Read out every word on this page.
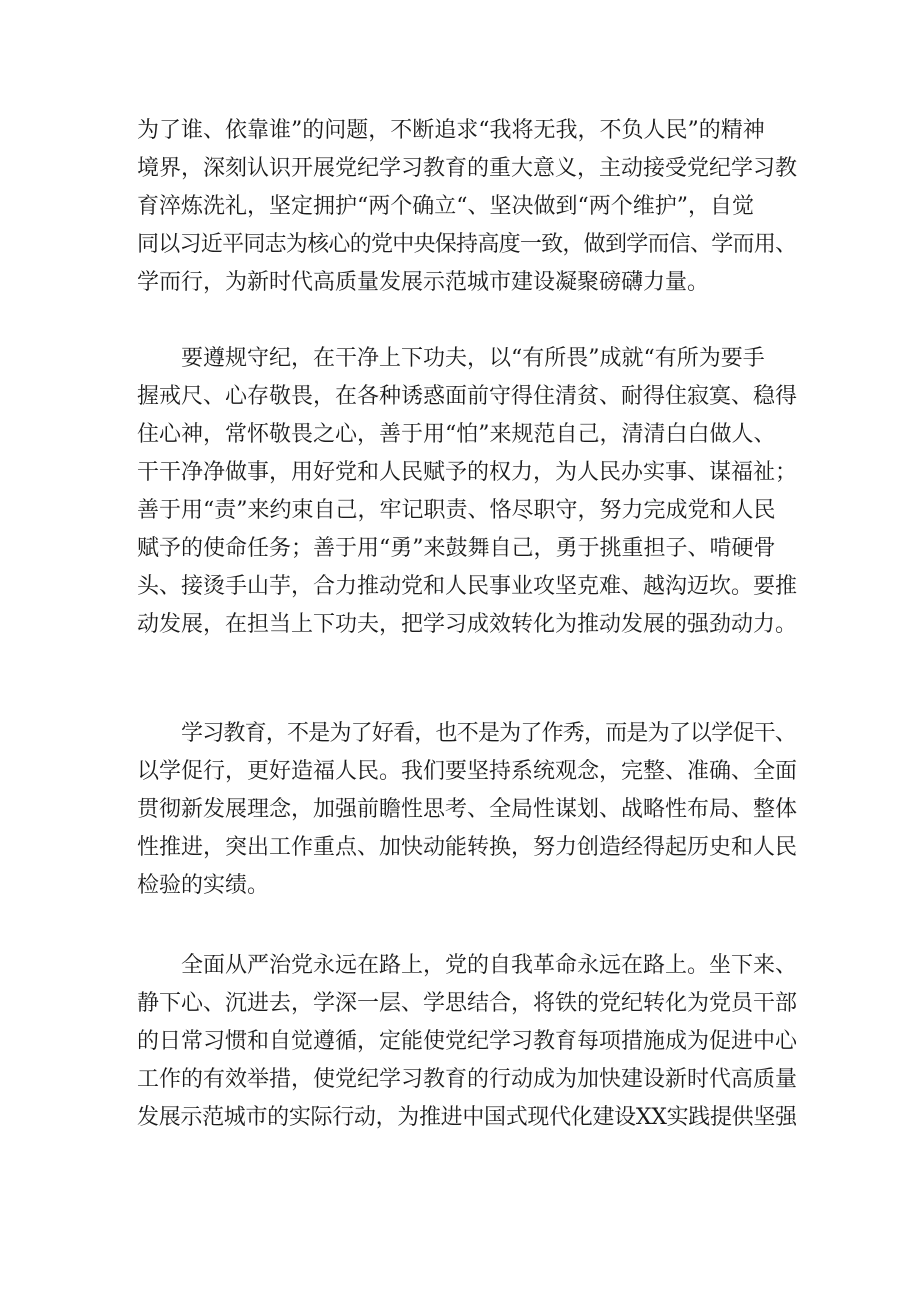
为了谁、依靠谁”的问题，不断追求“我将无我，不负人民”的精神
境界，深刻认识开展党纪学习教育的重大意义，主动接受党纪学习教
育淬炼洗礼，坚定拥护“两个确立“、坚决做到“两个维护”，自觉
同以习近平同志为核心的党中央保持高度一致，做到学而信、学而用、
学而行，为新时代高质量发展示范城市建设凝聚磅礴力量。

要遵规守纪，在干净上下功夫，以“有所畏”成就“有所为要手
握戒尺、心存敬畏，在各种诱惑面前守得住清贫、耐得住寂寞、稳得
住心神，常怀敬畏之心，善于用“怕”来规范自己，清清白白做人、
干干净净做事，用好党和人民赋予的权力，为人民办实事、谋福祉；
善于用“责”来约束自己，牢记职责、恪尽职守，努力完成党和人民
赋予的使命任务；善于用“勇”来鼓舞自己，勇于挑重担子、啃硬骨
头、接烫手山芋，合力推动党和人民事业攻坚克难、越沟迈坎。要推
动发展，在担当上下功夫，把学习成效转化为推动发展的强劲动力。

学习教育，不是为了好看，也不是为了作秀，而是为了以学促干、
以学促行，更好造福人民。我们要坚持系统观念，完整、准确、全面
贯彻新发展理念，加强前瞻性思考、全局性谋划、战略性布局、整体
性推进，突出工作重点、加快动能转换，努力创造经得起历史和人民
检验的实绩。

全面从严治党永远在路上，党的自我革命永远在路上。坐下来、
静下心、沉进去，学深一层、学思结合，将铁的党纪转化为党员干部
的日常习惯和自觉遵循，定能使党纪学习教育每项措施成为促进中心
工作的有效举措，使党纪学习教育的行动成为加快建设新时代高质量
发展示范城市的实际行动，为推进中国式现代化建设XX实践提供坚强
